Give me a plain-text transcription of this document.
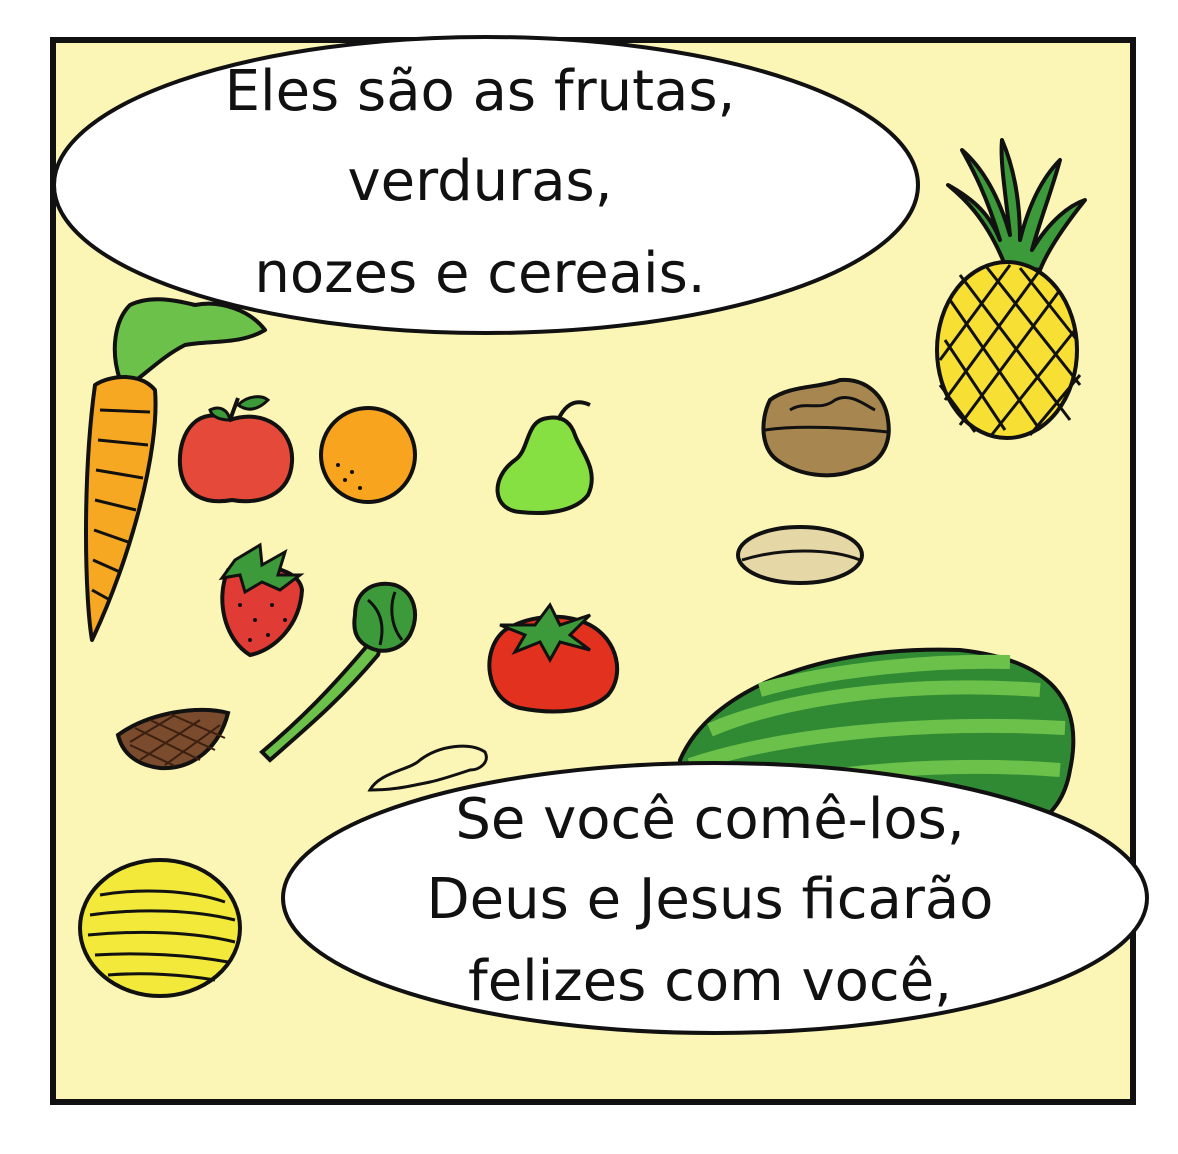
Eles são as frutas,
verduras,
nozes e cereais.
Se você comê-los,
Deus e Jesus ficarão
felizes com você,
